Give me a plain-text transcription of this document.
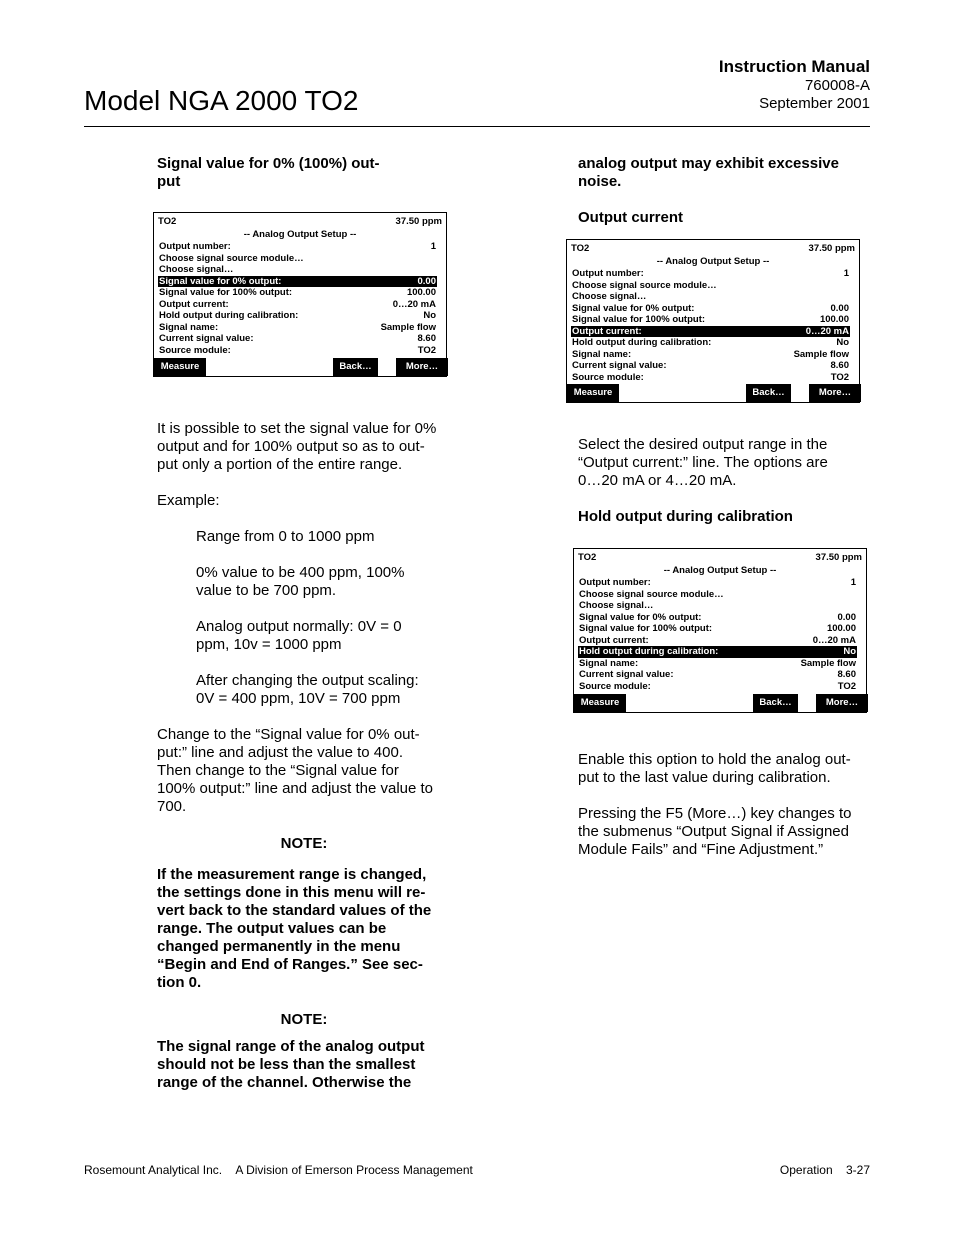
Model NGA 2000 TO2
Instruction Manual
760008-A
September 2001

Signal value for 0% (100%) out-
put

TO2	37.50 ppm
-- Analog Output Setup --
Output number:	1
Choose signal source module…
Choose signal…
Signal value for 0% output:	0.00
Signal value for 100% output:	100.00
Output current:	0…20 mA
Hold output during calibration:	No
Signal name:	Sample flow
Current signal value:	8.60
Source module:	TO2
Measure	Back…	More…

It is possible to set the signal value for 0%
output and for 100% output so as to out-
put only a portion of the entire range.

Example:

Range from 0 to 1000 ppm

0% value to be 400 ppm, 100%
value to be 700 ppm.

Analog output normally: 0V = 0
ppm, 10v = 1000 ppm

After changing the output scaling:
0V = 400 ppm, 10V = 700 ppm

Change to the “Signal value for 0% out-
put:” line and adjust the value to 400.
Then change to the “Signal value for
100% output:” line and adjust the value to
700.

NOTE:

If the measurement range is changed,
the settings done in this menu will re-
vert back to the standard values of the
range. The output values can be
changed permanently in the menu
“Begin and End of Ranges.” See sec-
tion 0.

NOTE:

The signal range of the analog output
should not be less than the smallest
range of the channel. Otherwise the

analog output may exhibit excessive
noise.

Output current

TO2	37.50 ppm
-- Analog Output Setup --
Output number:	1
Choose signal source module…
Choose signal…
Signal value for 0% output:	0.00
Signal value for 100% output:	100.00
Output current:	0…20 mA
Hold output during calibration:	No
Signal name:	Sample flow
Current signal value:	8.60
Source module:	TO2
Measure	Back…	More…

Select the desired output range in the
“Output current:” line. The options are
0…20 mA or 4…20 mA.

Hold output during calibration

TO2	37.50 ppm
-- Analog Output Setup --
Output number:	1
Choose signal source module…
Choose signal…
Signal value for 0% output:	0.00
Signal value for 100% output:	100.00
Output current:	0…20 mA
Hold output during calibration:	No
Signal name:	Sample flow
Current signal value:	8.60
Source module:	TO2
Measure	Back…	More…

Enable this option to hold the analog out-
put to the last value during calibration.

Pressing the F5 (More…) key changes to
the submenus “Output Signal if Assigned
Module Fails” and “Fine Adjustment.”

Rosemount Analytical Inc. A Division of Emerson Process Management	Operation 3-27
